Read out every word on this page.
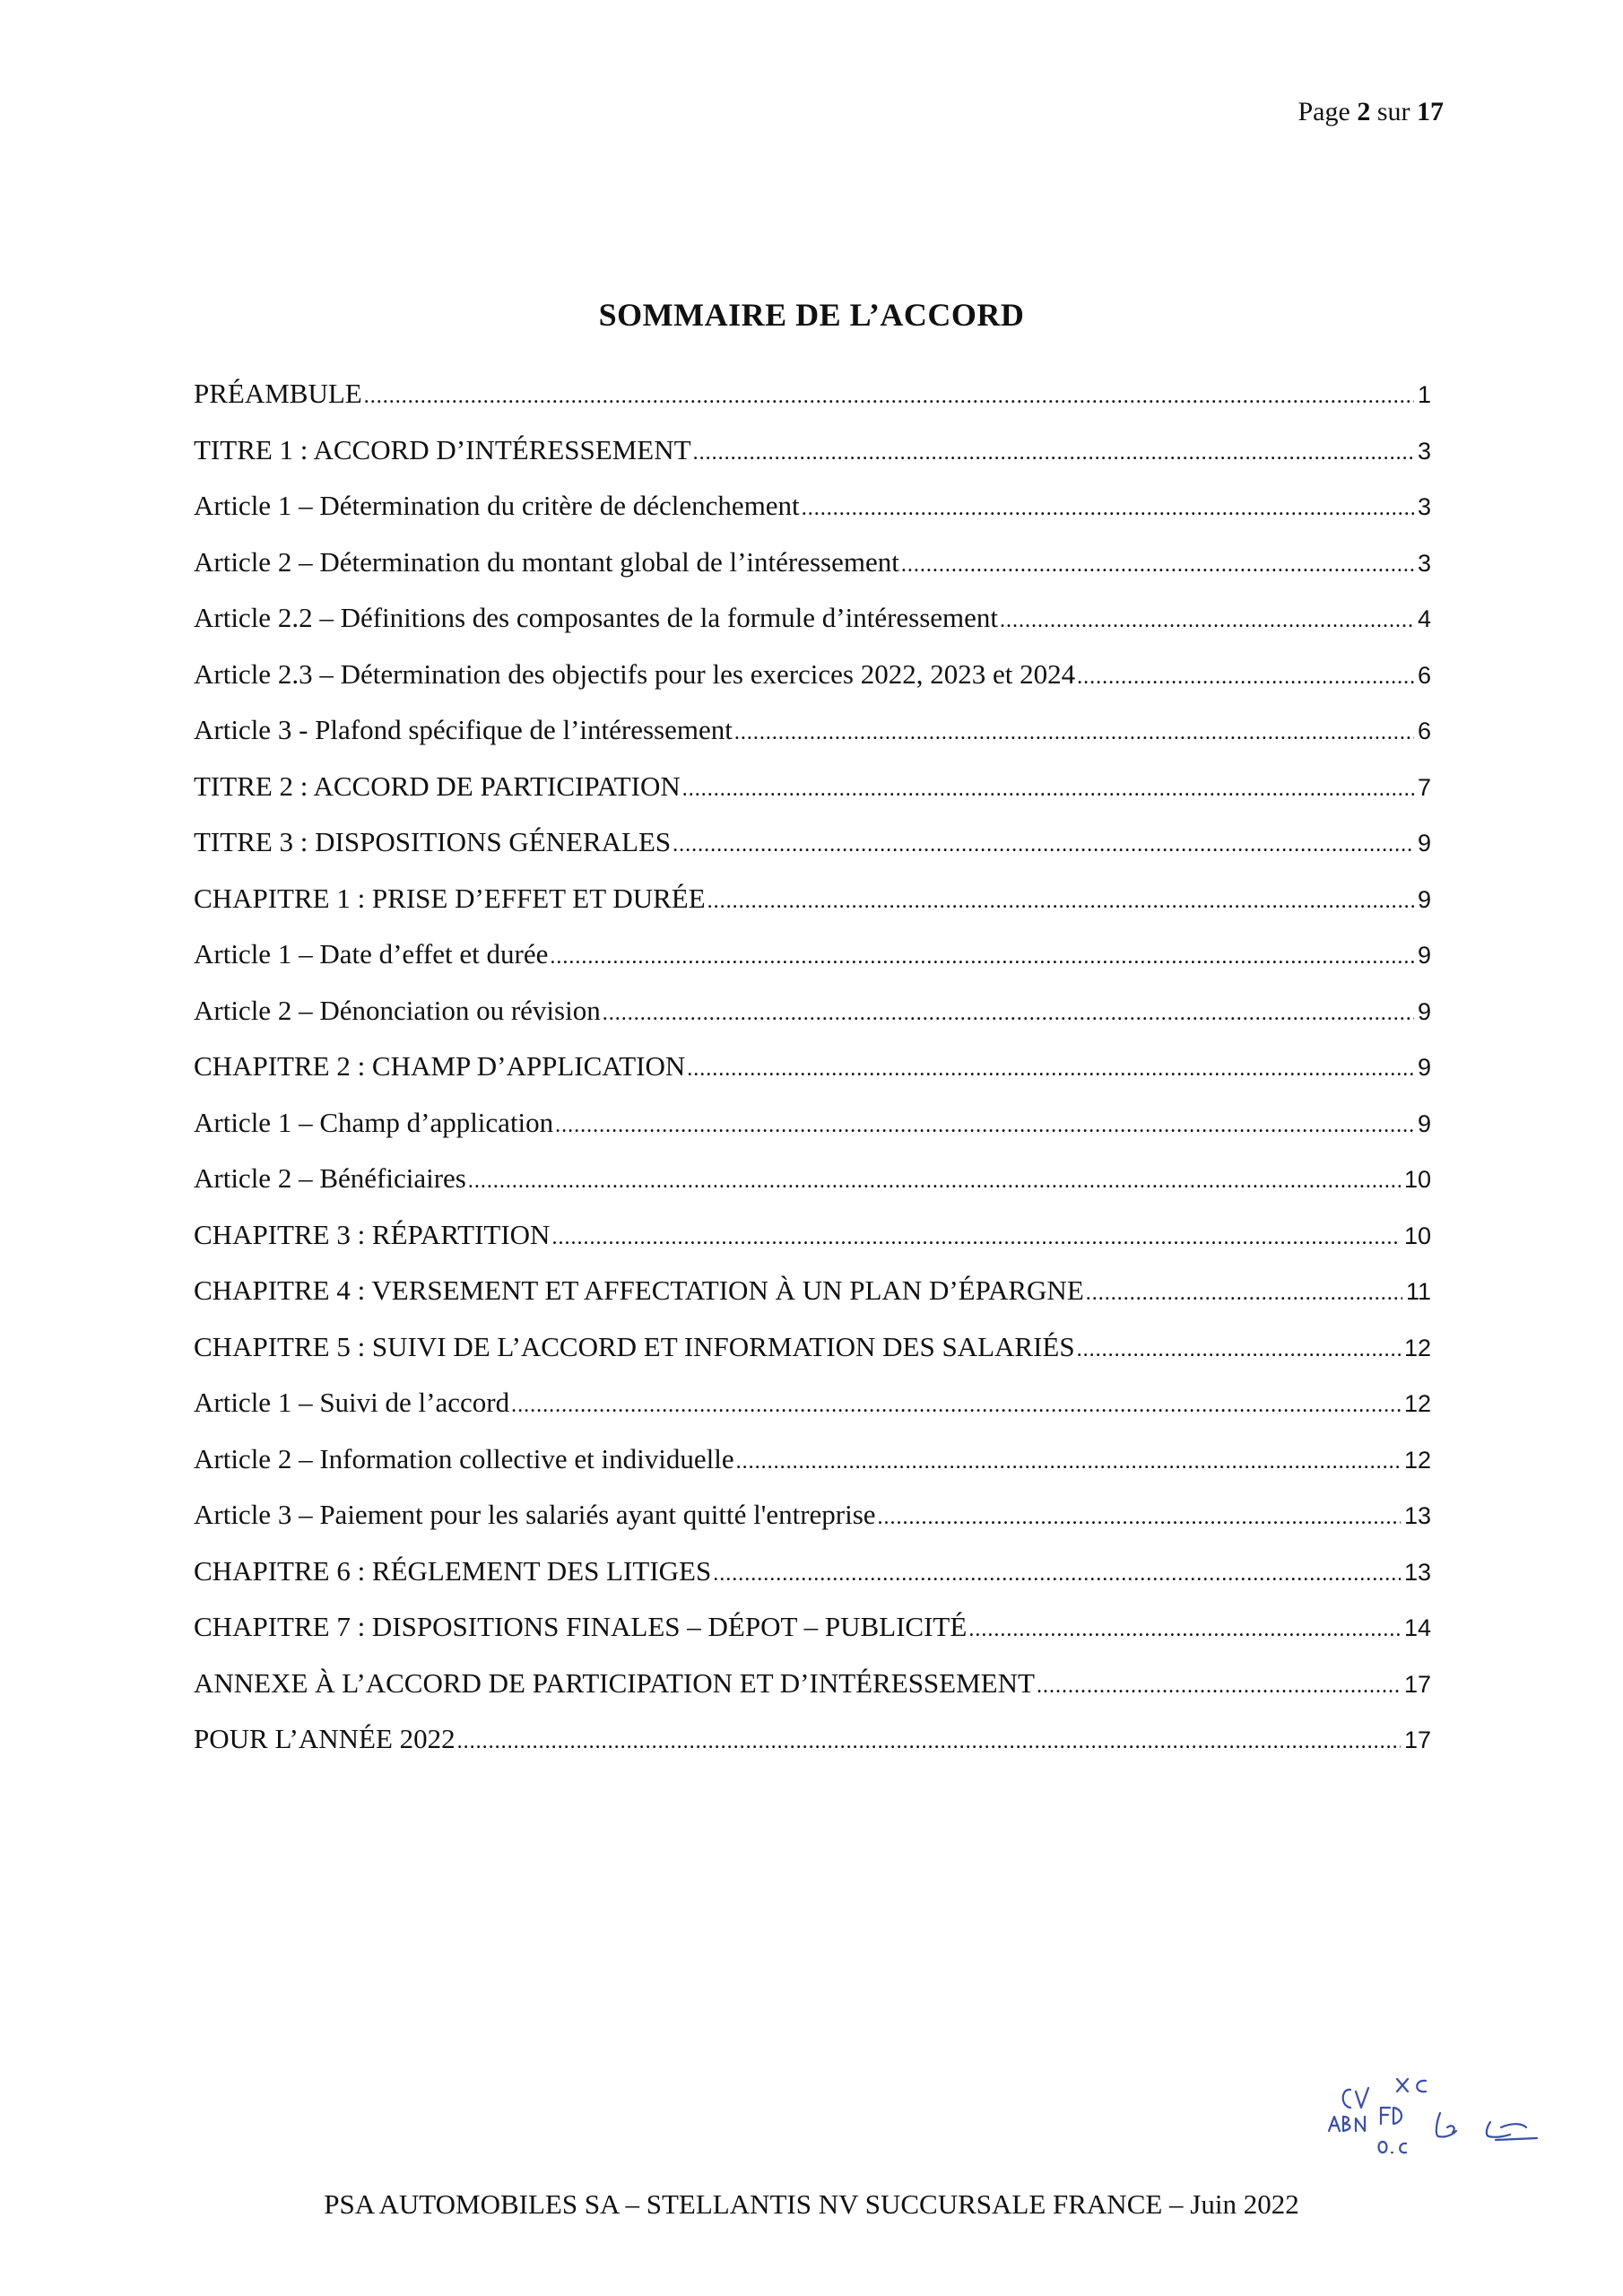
Page 2 sur 17
SOMMAIRE DE L’ACCORD
PRÉAMBULE .....	1
TITRE 1 : ACCORD D’INTÉRESSEMENT .....	3
Article 1 – Détermination du critère de déclenchement .....	3
Article 2 – Détermination du montant global de l’intéressement .....	3
Article 2.2 – Définitions des composantes de la formule d’intéressement .....	4
Article 2.3 – Détermination des objectifs pour les exercices 2022, 2023 et 2024 .....	6
Article 3 - Plafond spécifique de l’intéressement .....	6
TITRE 2 : ACCORD DE PARTICIPATION .....	7
TITRE 3 : DISPOSITIONS GÉNERALES .....	9
CHAPITRE 1 : PRISE D’EFFET ET DURÉE .....	9
Article 1 – Date d’effet et durée .....	9
Article 2 – Dénonciation ou révision .....	9
CHAPITRE 2 : CHAMP D’APPLICATION .....	9
Article 1 – Champ d’application .....	9
Article 2 – Bénéficiaires .....	10
CHAPITRE 3 : RÉPARTITION .....	10
CHAPITRE 4 : VERSEMENT ET AFFECTATION À UN PLAN D’ÉPARGNE .....	11
CHAPITRE 5 : SUIVI DE L’ACCORD ET INFORMATION DES SALARIÉS .....	12
Article 1 – Suivi de l’accord .....	12
Article 2 – Information collective et individuelle .....	12
Article 3 – Paiement pour les salariés ayant quitté l'entreprise .....	13
CHAPITRE 6 : RÉGLEMENT DES LITIGES .....	13
CHAPITRE 7 : DISPOSITIONS FINALES – DÉPOT – PUBLICITÉ .....	14
ANNEXE À L’ACCORD DE PARTICIPATION ET D’INTÉRESSEMENT .....	17
POUR L’ANNÉE 2022 .....	17
PSA AUTOMOBILES SA – STELLANTIS NV SUCCURSALE FRANCE – Juin 2022
